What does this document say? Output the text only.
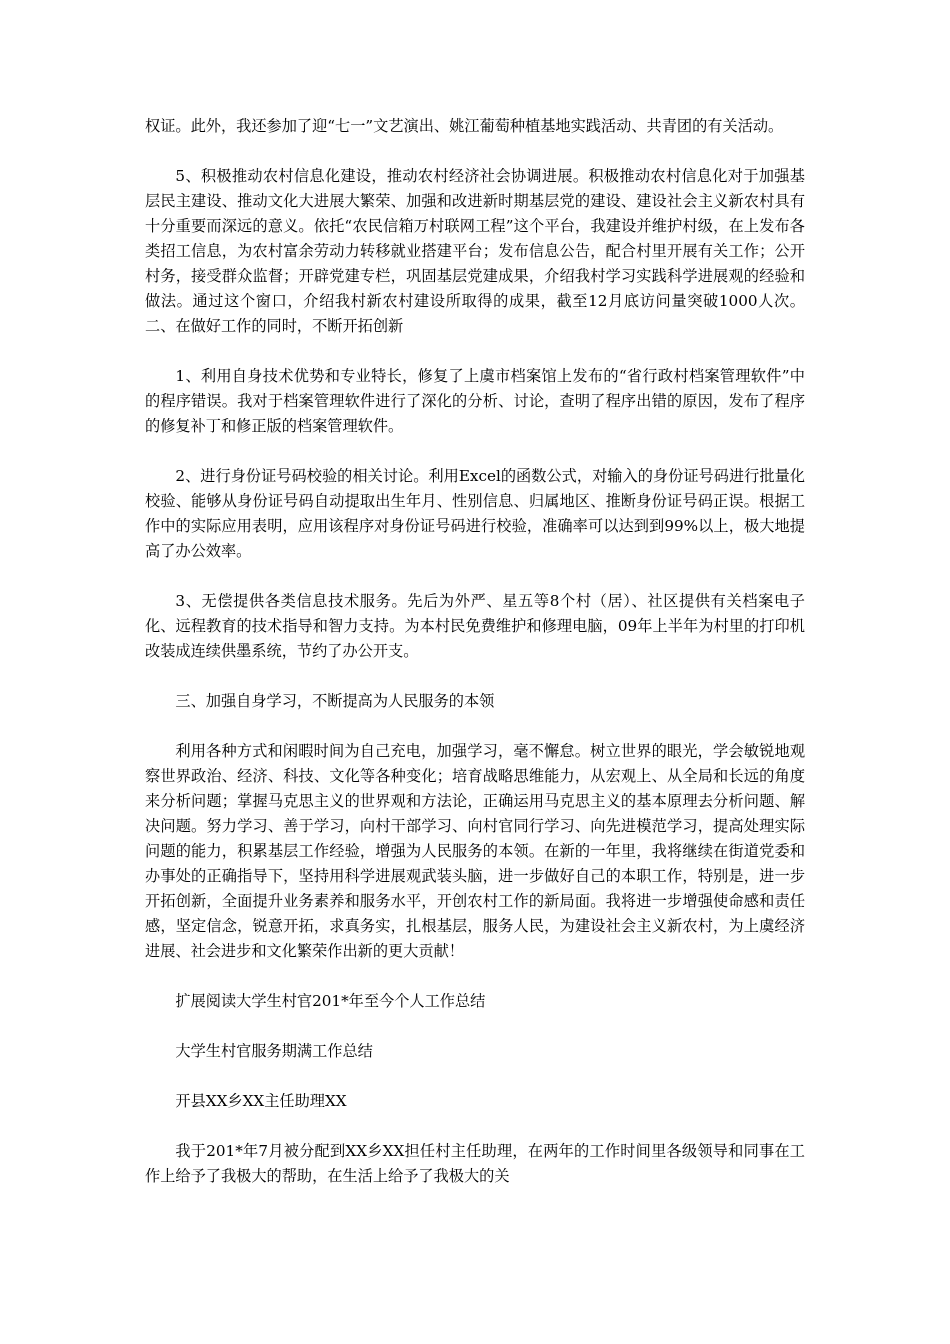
权证。此外，我还参加了迎“七一”文艺演出、姚江葡萄种植基地实践活动、共青团的有关活动。

5、积极推动农村信息化建设，推动农村经济社会协调进展。积极推动农村信息化对于加强基层民主建设、推动文化大进展大繁荣、加强和改进新时期基层党的建设、建设社会主义新农村具有十分重要而深远的意义。依托“农民信箱万村联网工程”这个平台，我建设并维护村级，在上发布各类招工信息，为农村富余劳动力转移就业搭建平台；发布信息公告，配合村里开展有关工作；公开村务，接受群众监督；开辟党建专栏，巩固基层党建成果，介绍我村学习实践科学进展观的经验和做法。通过这个窗口，介绍我村新农村建设所取得的成果，截至12月底访问量突破1000人次。二、在做好工作的同时，不断开拓创新

1、利用自身技术优势和专业特长，修复了上虞市档案馆上发布的“省行政村档案管理软件”中的程序错误。我对于档案管理软件进行了深化的分析、讨论，查明了程序出错的原因，发布了程序的修复补丁和修正版的档案管理软件。

2、进行身份证号码校验的相关讨论。利用Excel的函数公式，对输入的身份证号码进行批量化校验、能够从身份证号码自动提取出生年月、性别信息、归属地区、推断身份证号码正误。根据工作中的实际应用表明，应用该程序对身份证号码进行校验，准确率可以达到到99%以上，极大地提高了办公效率。

3、无偿提供各类信息技术服务。先后为外严、星五等8个村（居）、社区提供有关档案电子化、远程教育的技术指导和智力支持。为本村民免费维护和修理电脑，09年上半年为村里的打印机改装成连续供墨系统，节约了办公开支。

三、加强自身学习，不断提高为人民服务的本领

利用各种方式和闲暇时间为自己充电，加强学习，毫不懈怠。树立世界的眼光，学会敏锐地观察世界政治、经济、科技、文化等各种变化；培育战略思维能力，从宏观上、从全局和长远的角度来分析问题；掌握马克思主义的世界观和方法论，正确运用马克思主义的基本原理去分析问题、解决问题。努力学习、善于学习，向村干部学习、向村官同行学习、向先进模范学习，提高处理实际问题的能力，积累基层工作经验，增强为人民服务的本领。在新的一年里，我将继续在街道党委和办事处的正确指导下，坚持用科学进展观武装头脑，进一步做好自己的本职工作，特别是，进一步开拓创新，全面提升业务素养和服务水平，开创农村工作的新局面。我将进一步增强使命感和责任感，坚定信念，锐意开拓，求真务实，扎根基层，服务人民，为建设社会主义新农村，为上虞经济进展、社会进步和文化繁荣作出新的更大贡献！

扩展阅读大学生村官201*年至今个人工作总结

大学生村官服务期满工作总结

开县XX乡XX主任助理XX

我于201*年7月被分配到XX乡XX担任村主任助理，在两年的工作时间里各级领导和同事在工作上给予了我极大的帮助，在生活上给予了我极大的关
